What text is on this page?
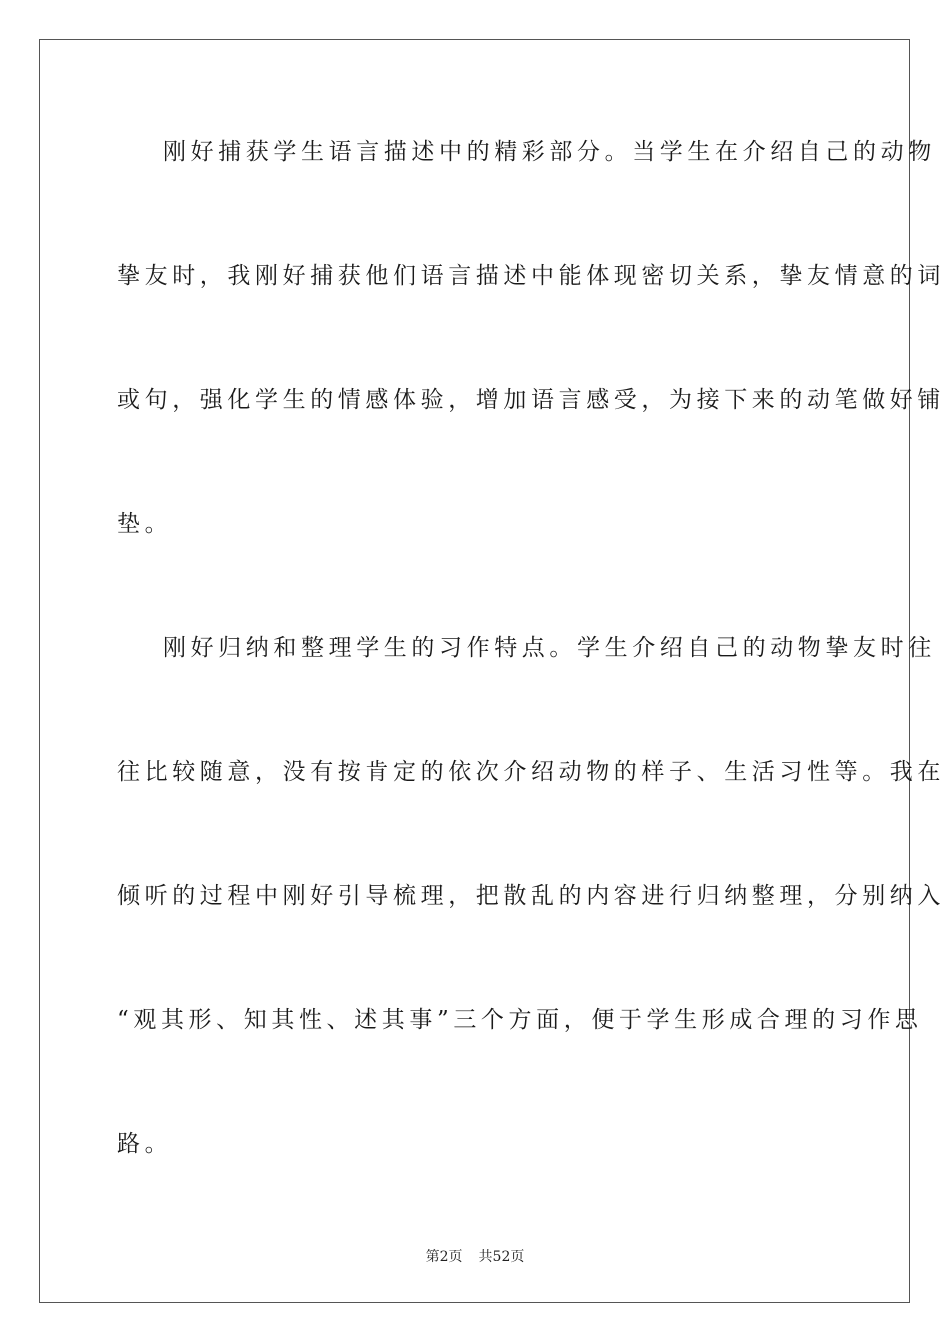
刚好捕获学生语言描述中的精彩部分。当学生在介绍自己的动物
挚友时，我刚好捕获他们语言描述中能体现密切关系，挚友情意的词
或句，强化学生的情感体验，增加语言感受，为接下来的动笔做好铺
垫。
刚好归纳和整理学生的习作特点。学生介绍自己的动物挚友时往
往比较随意，没有按肯定的依次介绍动物的样子、生活习性等。我在
倾听的过程中刚好引导梳理，把散乱的内容进行归纳整理，分别纳入
“观其形、知其性、述其事”三个方面，便于学生形成合理的习作思
路。
第2页 共52页
